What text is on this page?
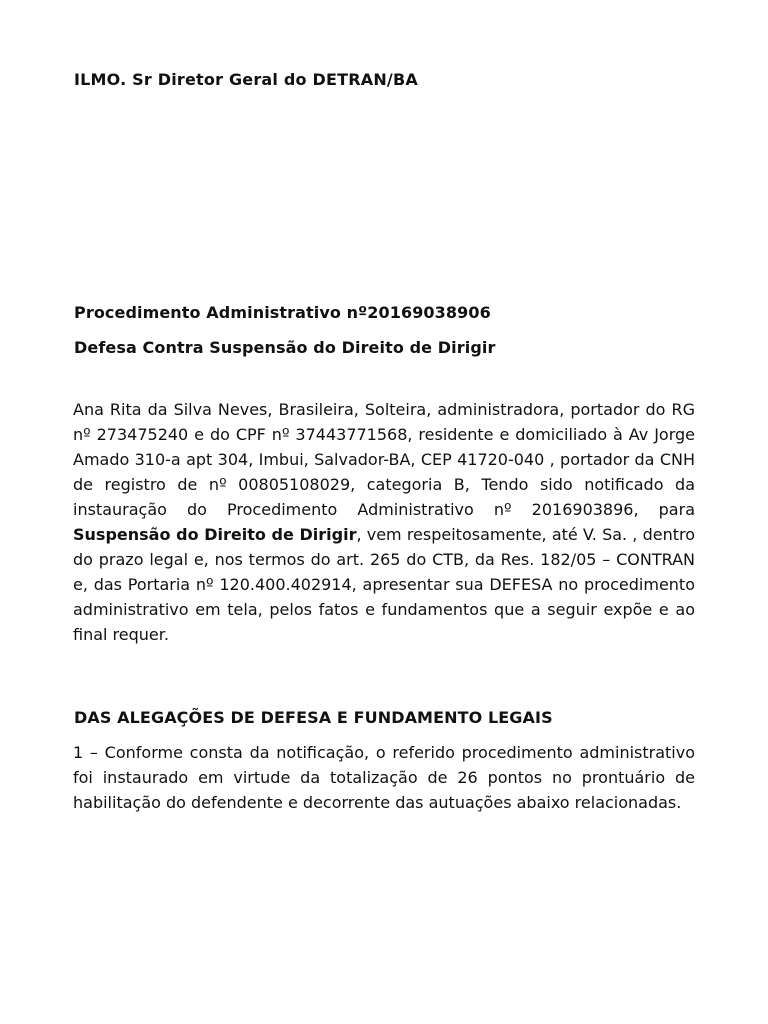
ILMO. Sr Diretor Geral do DETRAN/BA
Procedimento Administrativo nº20169038906
Defesa Contra Suspensão do Direito de Dirigir
Ana Rita da Silva Neves, Brasileira, Solteira, administradora, portador do RG nº 273475240 e do CPF nº 37443771568, residente e domiciliado à Av Jorge Amado 310-a apt 304, Imbui, Salvador-BA, CEP 41720-040 , portador da CNH de registro de nº 00805108029, categoria B, Tendo sido notificado da instauração do Procedimento Administrativo nº 2016903896, para Suspensão do Direito de Dirigir, vem respeitosamente, até V. Sa. , dentro do prazo legal e, nos termos do art. 265 do CTB, da Res. 182/05 – CONTRAN e, das Portaria nº 120.400.402914, apresentar sua DEFESA no procedimento administrativo em tela, pelos fatos e fundamentos que a seguir expõe e ao final requer.
DAS ALEGAÇÕES DE DEFESA E FUNDAMENTO LEGAIS
1 – Conforme consta da notificação, o referido procedimento administrativo foi instaurado em virtude da totalização de 26 pontos no prontuário de habilitação do defendente e decorrente das autuações abaixo relacionadas.
